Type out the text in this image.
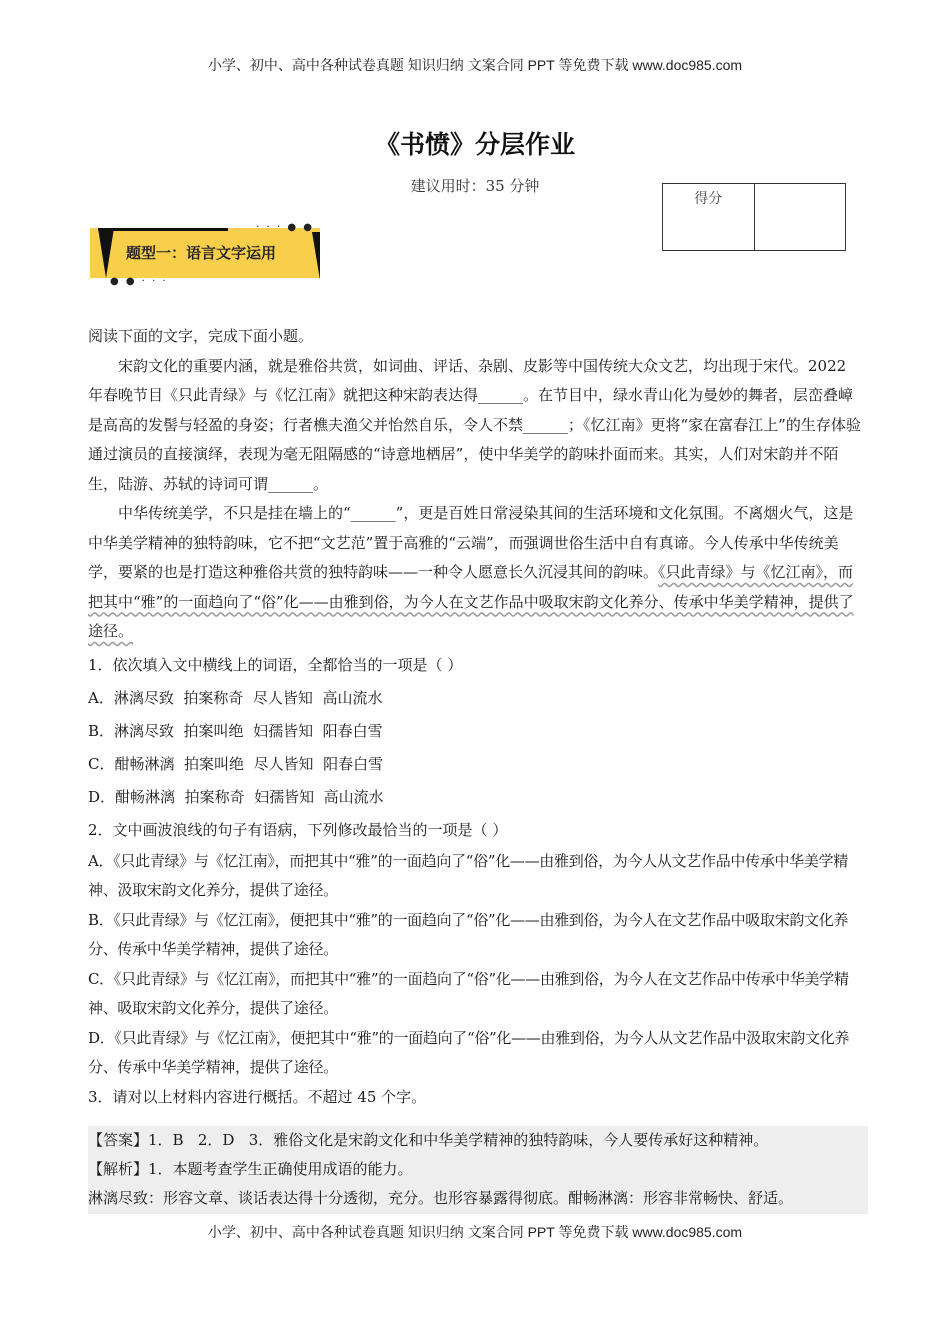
小学、初中、高中各种试卷真题 知识归纳 文案合同 PPT 等免费下载 www.doc985.com
《书愤》分层作业
建议用时：35 分钟
得分
· · · ● ●
● ● · · ·
题型一：语言文字运用

阅读下面的文字，完成下面小题。

宋韵文化的重要内涵，就是雅俗共赏，如词曲、评话、杂剧、皮影等中国传统大众文艺，均出现于宋代。2022 年春晚节目《只此青绿》与《忆江南》就把这种宋韵表达得______。在节目中，绿水青山化为曼妙的舞者，层峦叠嶂是高高的发髻与轻盈的身姿；行者樵夫渔父并怡然自乐，令人不禁______；《忆江南》更将“家在富春江上”的生存体验通过演员的直接演绎，表现为毫无阻隔感的“诗意地栖居”，使中华美学的韵味扑面而来。其实，人们对宋韵并不陌生，陆游、苏轼的诗词可谓______。

中华传统美学，不只是挂在墙上的“______”，更是百姓日常浸染其间的生活环境和文化氛围。不离烟火气，这是中华美学精神的独特韵味，它不把“文艺范”置于高雅的“云端”，而强调世俗生活中自有真谛。今人传承中华传统美学，要紧的也是打造这种雅俗共赏的独特韵味——一种令人愿意长久沉浸其间的韵味。《只此青绿》与《忆江南》，而把其中“雅”的一面趋向了“俗”化——由雅到俗，为今人在文艺作品中吸取宋韵文化养分、传承中华美学精神，提供了途径。

1．依次填入文中横线上的词语，全都恰当的一项是（ ）

A．淋漓尽致  拍案称奇  尽人皆知  高山流水

B．淋漓尽致  拍案叫绝  妇孺皆知  阳春白雪

C．酣畅淋漓  拍案叫绝  尽人皆知  阳春白雪

D．酣畅淋漓  拍案称奇  妇孺皆知  高山流水

2．文中画波浪线的句子有语病，下列修改最恰当的一项是（ ）

A．《只此青绿》与《忆江南》，而把其中“雅”的一面趋向了“俗”化——由雅到俗，为今人从文艺作品中传承中华美学精神、汲取宋韵文化养分，提供了途径。

B．《只此青绿》与《忆江南》，便把其中“雅”的一面趋向了“俗”化——由雅到俗，为今人在文艺作品中吸取宋韵文化养分、传承中华美学精神，提供了途径。

C．《只此青绿》与《忆江南》，而把其中“雅”的一面趋向了“俗”化——由雅到俗，为今人在文艺作品中传承中华美学精神、吸取宋韵文化养分，提供了途径。

D．《只此青绿》与《忆江南》，便把其中“雅”的一面趋向了“俗”化——由雅到俗，为今人从文艺作品中汲取宋韵文化养分、传承中华美学精神，提供了途径。

3．请对以上材料内容进行概括。不超过 45 个字。

【答案】1．B   2．D   3．雅俗文化是宋韵文化和中华美学精神的独特韵味，今人要传承好这种精神。

【解析】1．本题考查学生正确使用成语的能力。

淋漓尽致：形容文章、谈话表达得十分透彻，充分。也形容暴露得彻底。酣畅淋漓：形容非常畅快、舒适。

小学、初中、高中各种试卷真题 知识归纳 文案合同 PPT 等免费下载 www.doc985.com
